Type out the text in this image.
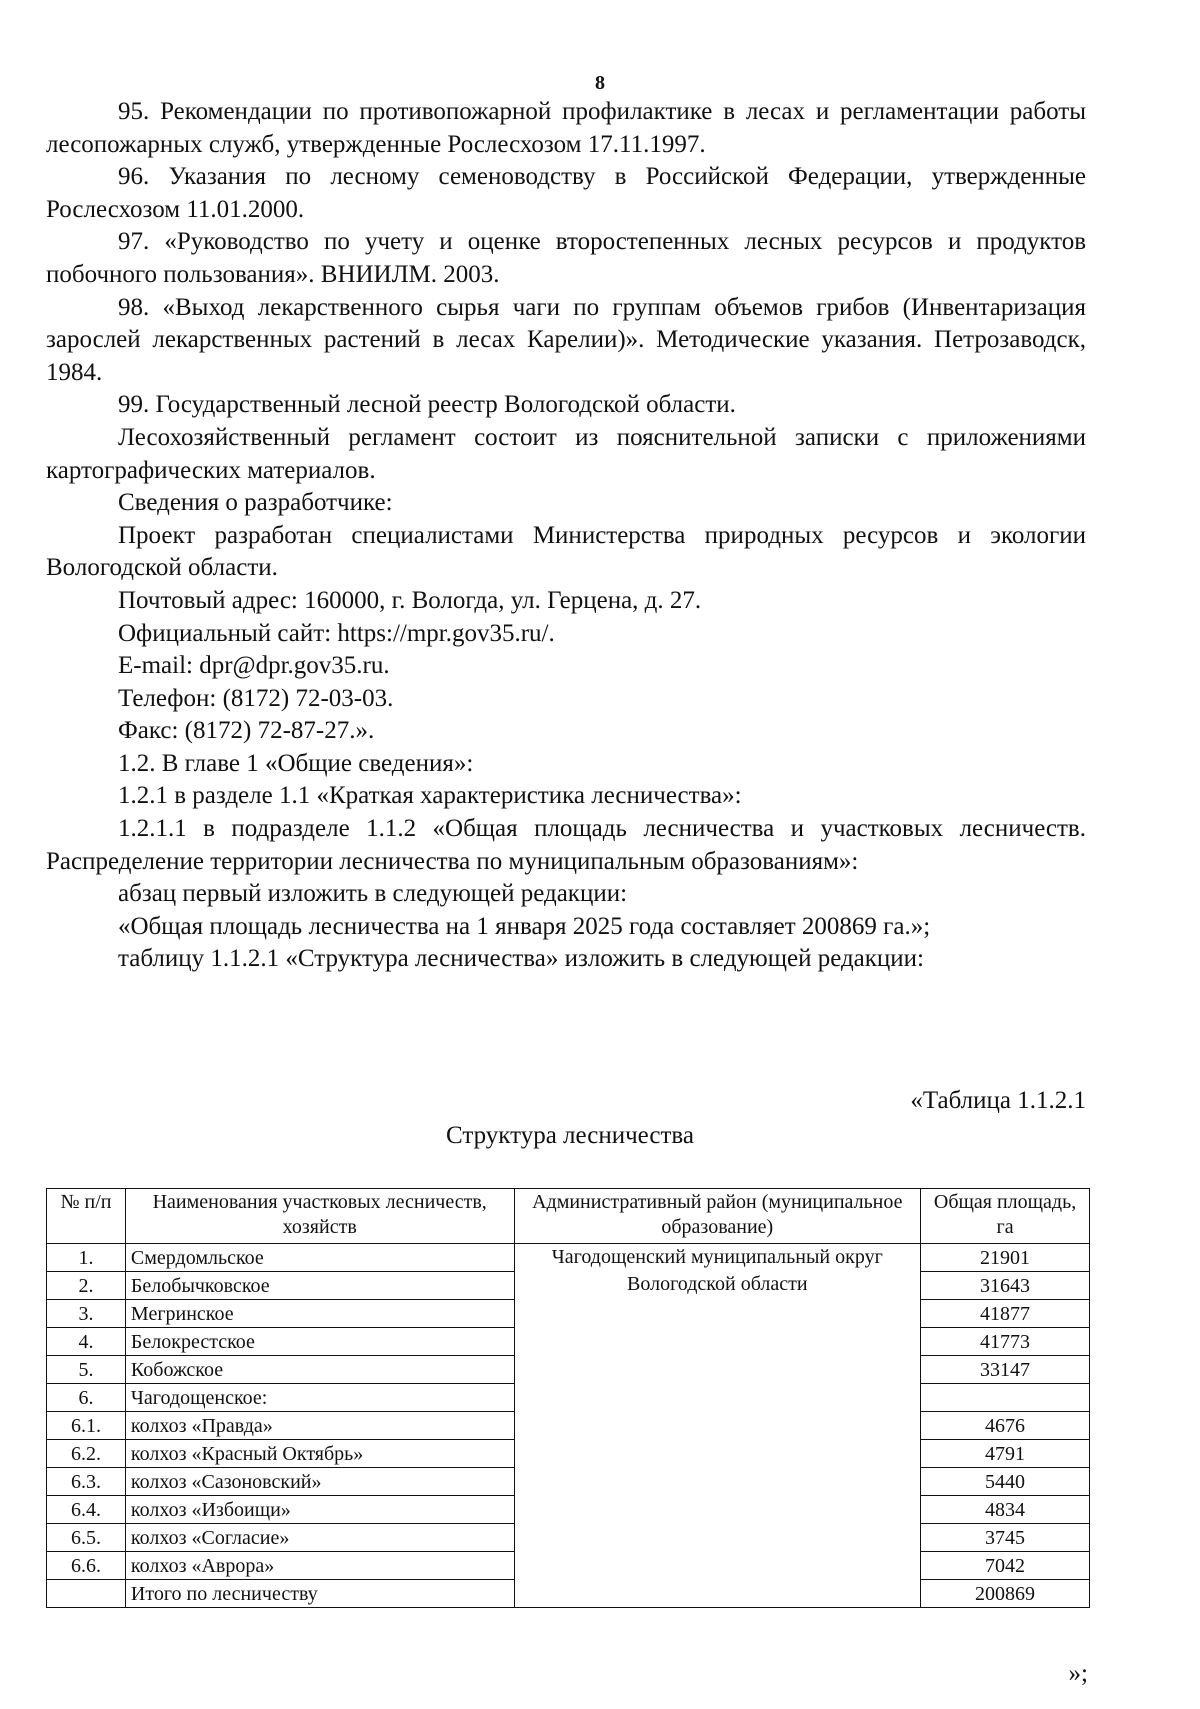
8

95. Рекомендации по противопожарной профилактике в лесах и регламентации работы лесопожарных служб, утвержденные Рослесхозом 17.11.1997.

96. Указания по лесному семеноводству в Российской Федерации, утвержденные Рослесхозом 11.01.2000.

97. «Руководство по учету и оценке второстепенных лесных ресурсов и продуктов побочного пользования». ВНИИЛМ. 2003.

98. «Выход лекарственного сырья чаги по группам объемов грибов (Инвентаризация зарослей лекарственных растений в лесах Карелии)». Методические указания. Петрозаводск, 1984.

99. Государственный лесной реестр Вологодской области.

Лесохозяйственный регламент состоит из пояснительной записки с приложениями картографических материалов.

Сведения о разработчике:

Проект разработан специалистами Министерства природных ресурсов и экологии Вологодской области.

Почтовый адрес: 160000, г. Вологда, ул. Герцена, д. 27.

Официальный сайт: https://mpr.gov35.ru/.

E-mail: dpr@dpr.gov35.ru.

Телефон: (8172) 72-03-03.

Факс: (8172) 72-87-27.».

1.2. В главе 1 «Общие сведения»:

1.2.1 в разделе 1.1 «Краткая характеристика лесничества»:

1.2.1.1 в подразделе 1.1.2 «Общая площадь лесничества и участковых лесничеств. Распределение территории лесничества по муниципальным образованиям»:

абзац первый изложить в следующей редакции:

«Общая площадь лесничества на 1 января 2025 года составляет 200869 га.»;

таблицу 1.1.2.1 «Структура лесничества» изложить в следующей редакции:

«Таблица 1.1.2.1
Структура лесничества
№ п/п	Наименования участковых лесничеств, хозяйств	Административный район (муниципальное образование)	Общая площадь, га
1.	Смердомльское	Чагодощенский муниципальный округ Вологодской области	21901
2.	Белобычковское		31643
3.	Мегринское		41877
4.	Белокрестское		41773
5.	Кобожское		33147
6.	Чагодощенское:		
6.1.	колхоз «Правда»		4676
6.2.	колхоз «Красный Октябрь»		4791
6.3.	колхоз «Сазоновский»		5440
6.4.	колхоз «Избоищи»		4834
6.5.	колхоз «Согласие»		3745
6.6.	колхоз «Аврора»		7042
	Итого по лесничеству		200869
»;
